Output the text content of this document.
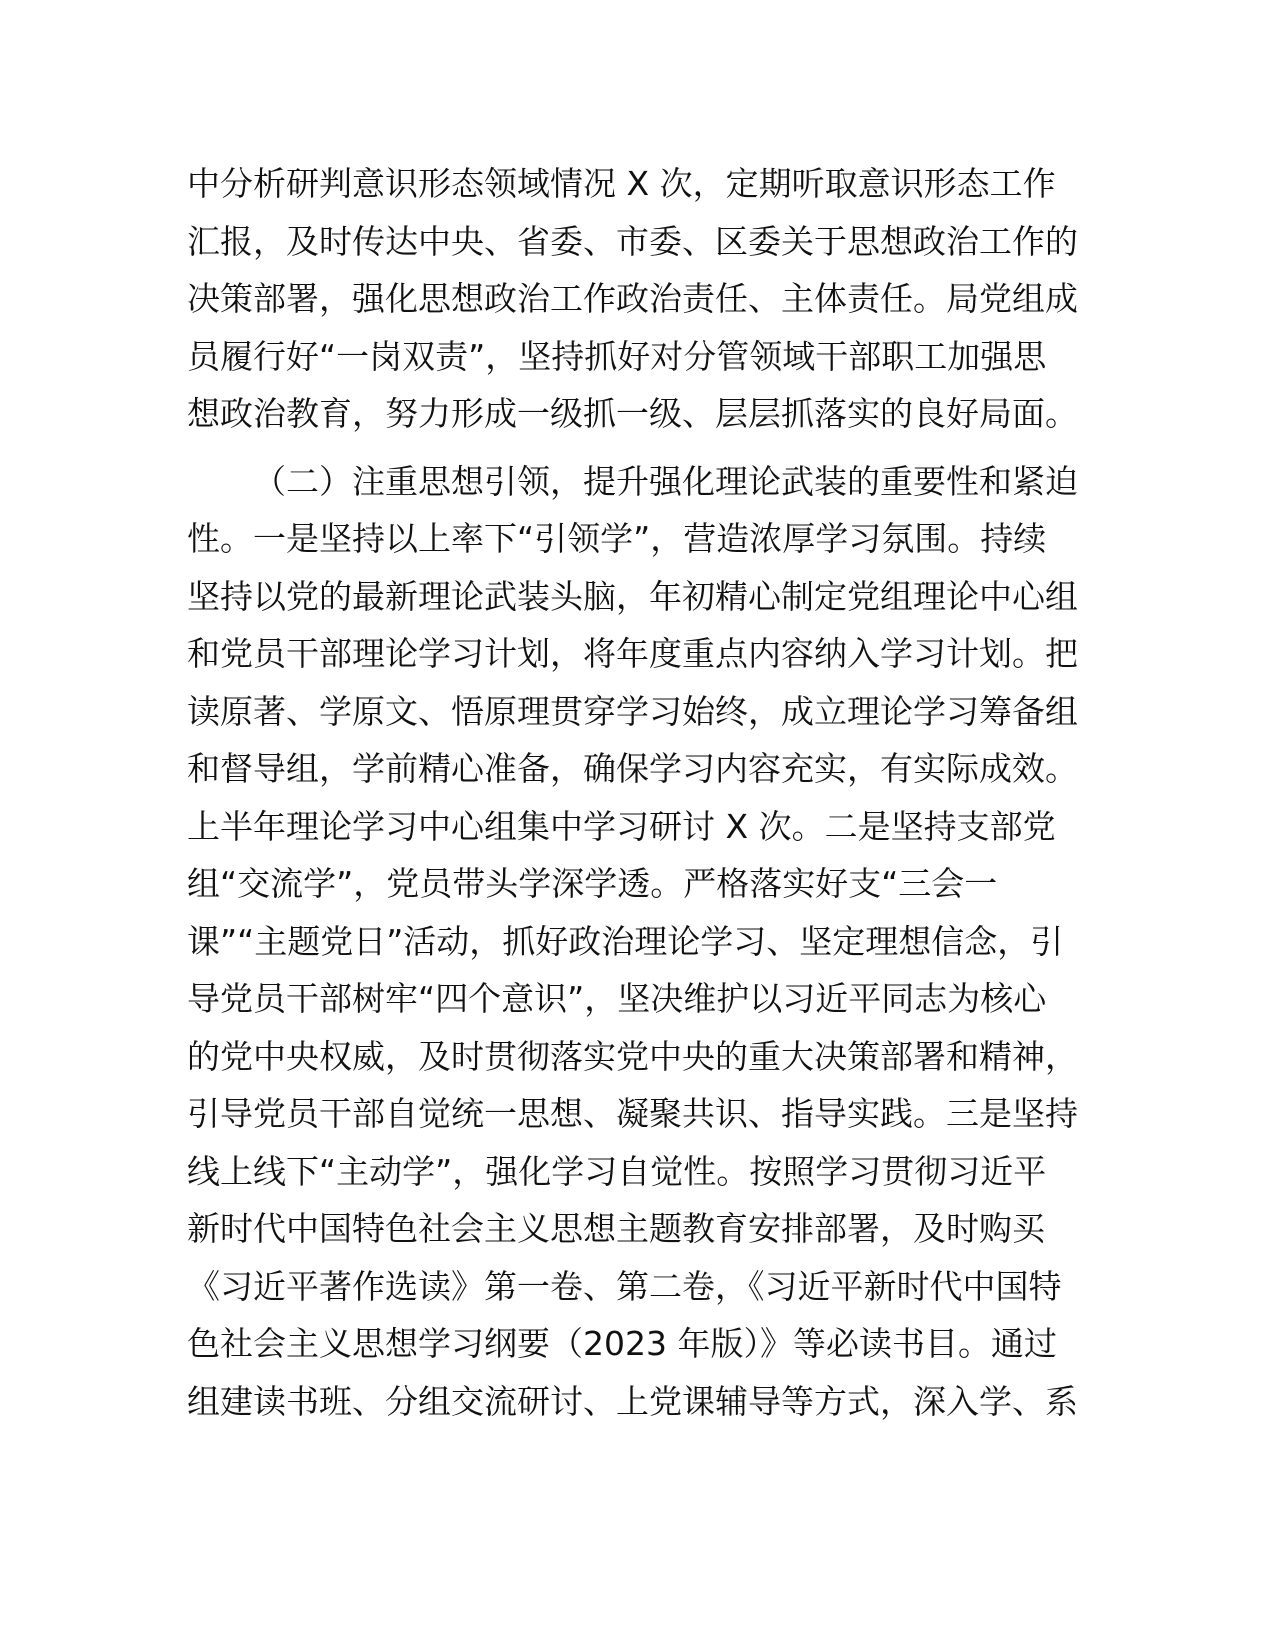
中分析研判意识形态领域情况 X 次，定期听取意识形态工作
汇报，及时传达中央、省委、市委、区委关于思想政治工作的
决策部署，强化思想政治工作政治责任、主体责任。局党组成
员履行好“一岗双责”，坚持抓好对分管领域干部职工加强思
想政治教育，努力形成一级抓一级、层层抓落实的良好局面。
（二）注重思想引领，提升强化理论武装的重要性和紧迫
性。一是坚持以上率下“引领学”，营造浓厚学习氛围。持续
坚持以党的最新理论武装头脑，年初精心制定党组理论中心组
和党员干部理论学习计划，将年度重点内容纳入学习计划。把
读原著、学原文、悟原理贯穿学习始终，成立理论学习筹备组
和督导组，学前精心准备，确保学习内容充实，有实际成效。
上半年理论学习中心组集中学习研讨 X 次。二是坚持支部党
组“交流学”，党员带头学深学透。严格落实好支“三会一
课”“主题党日”活动，抓好政治理论学习、坚定理想信念，引
导党员干部树牢“四个意识”，坚决维护以习近平同志为核心
的党中央权威，及时贯彻落实党中央的重大决策部署和精神，
引导党员干部自觉统一思想、凝聚共识、指导实践。三是坚持
线上线下“主动学”，强化学习自觉性。按照学习贯彻习近平
新时代中国特色社会主义思想主题教育安排部署，及时购买
《习近平著作选读》第一卷、第二卷，《习近平新时代中国特
色社会主义思想学习纲要（2023 年版）》等必读书目。通过
组建读书班、分组交流研讨、上党课辅导等方式，深入学、系
